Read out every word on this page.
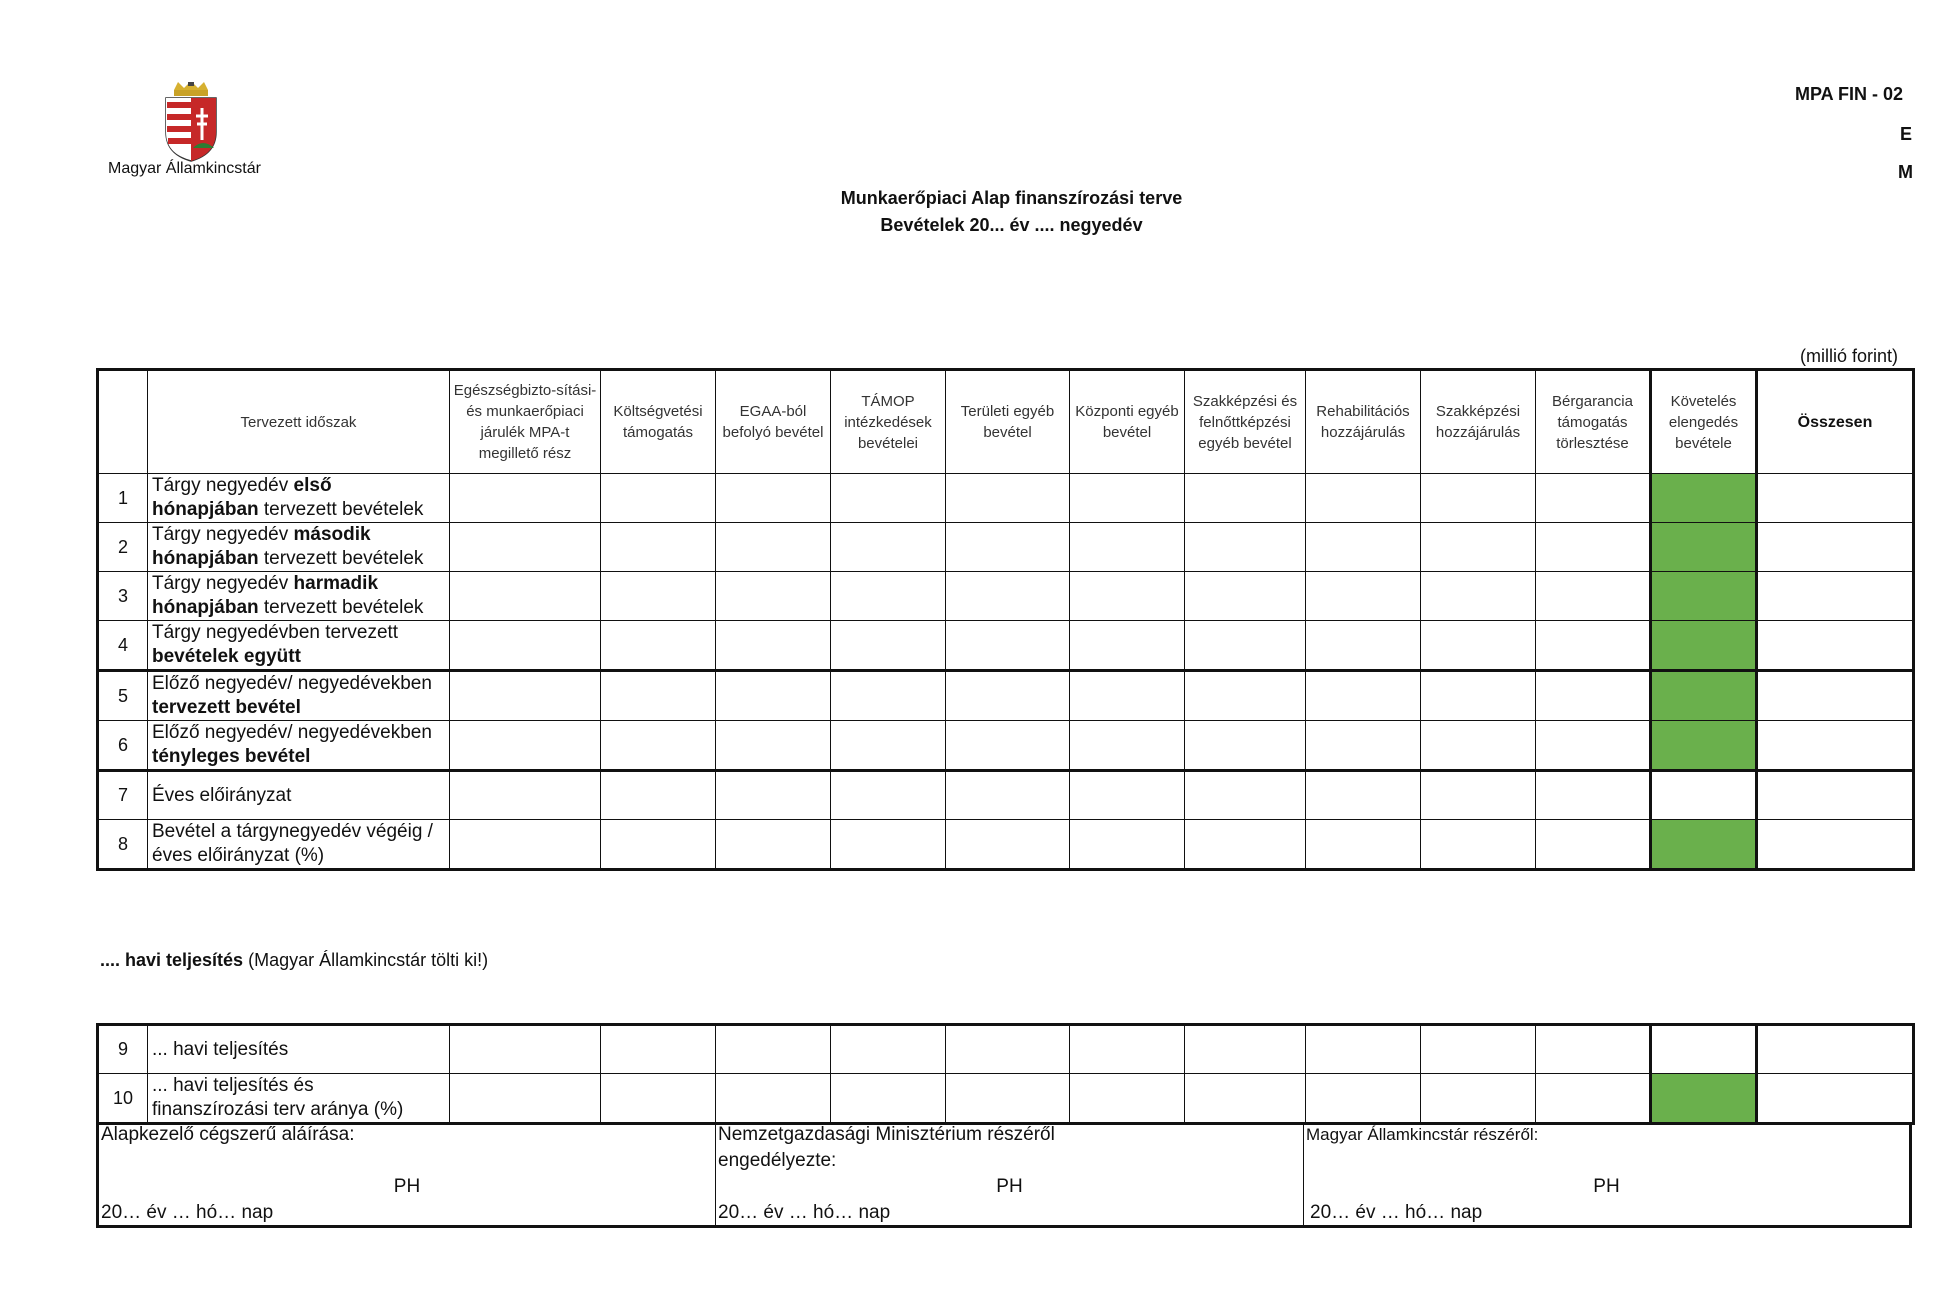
Magyar Államkincstár
MPA FIN - 02
E
M
Munkaerőpiaci Alap finanszírozási terve
Bevételek 20... év .... negyedév
(millió forint)
	Tervezett időszak	Egészségbizto-sítási- és munkaerőpiaci járulék MPA-t megillető rész	Költségvetési támogatás	EGAA-ból befolyó bevétel	TÁMOP intézkedések bevételei	Területi egyéb bevétel	Központi egyéb bevétel	Szakképzési és felnőttképzési egyéb bevétel	Rehabilitációs hozzájárulás	Szakképzési hozzájárulás	Bérgarancia támogatás törlesztése	Követelés elengedés bevétele	Összesen
1	Tárgy negyedév első
hónapjában tervezett bevételek												

2	Tárgy negyedév második
hónapjában tervezett bevételek												

3	Tárgy negyedév harmadik
hónapjában tervezett bevételek												

4	Tárgy negyedévben tervezett
bevételek együtt												

5	Előző negyedév/ negyedévekben
tervezett bevétel												

6	Előző negyedév/ negyedévekben
tényleges bevétel												

7	Éves előirányzat												

8	Bevétel a tárgynegyedév végéig /
éves előirányzat (%)												

.... havi teljesítés (Magyar Államkincstár tölti ki!)
9	... havi teljesítés												

10	... havi teljesítés és
finanszírozási terv aránya (%)												

Alapkezelő cégszerű aláírása:
PH
20… év … hó… nap
Nemzetgazdasági Minisztérium részéről engedélyezte:
PH
20… év … hó… nap
Magyar Államkincstár részéről:
PH
20… év … hó… nap
